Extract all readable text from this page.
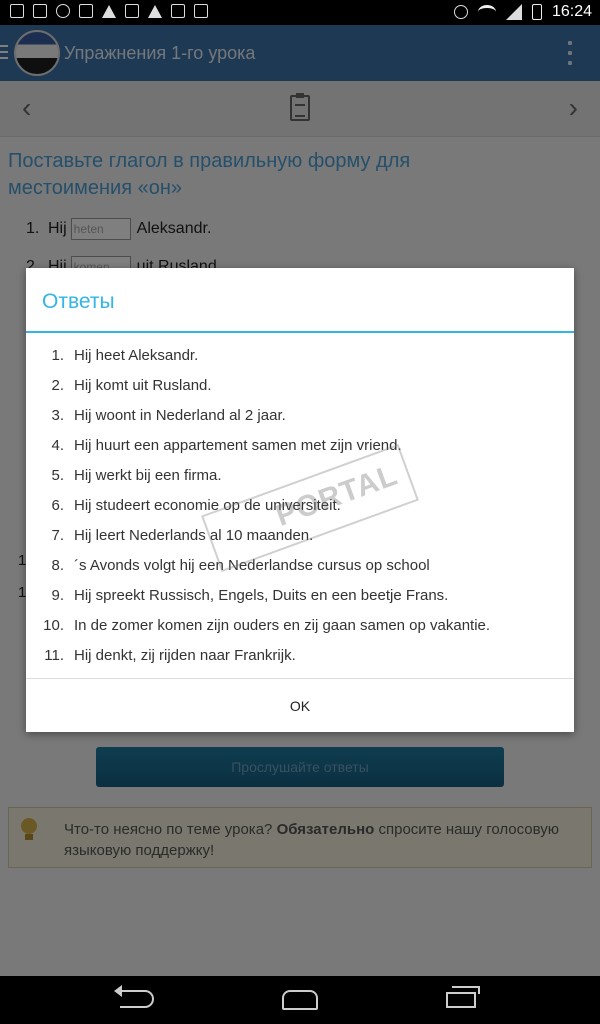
16:24
Ответы
1. Hij heet Aleksandr.
2. Hij komt uit Rusland.
3. Hij woont in Nederland al 2 jaar.
4. Hij huurt een appartement samen met zijn vriend.
5. Hij werkt bij een firma.
6. Hij studeert economie op de universiteit.
7. Hij leert Nederlands al 10 maanden.
8. ´s Avonds volgt hij een Nederlandse cursus op school
9. Hij spreekt Russisch, Engels, Duits en een beetje Frans.
10. In de zomer komen zijn ouders en zij gaan samen op vakantie.
11. Hij denkt, zij rijden naar Frankrijk.
OK
PORTAL
